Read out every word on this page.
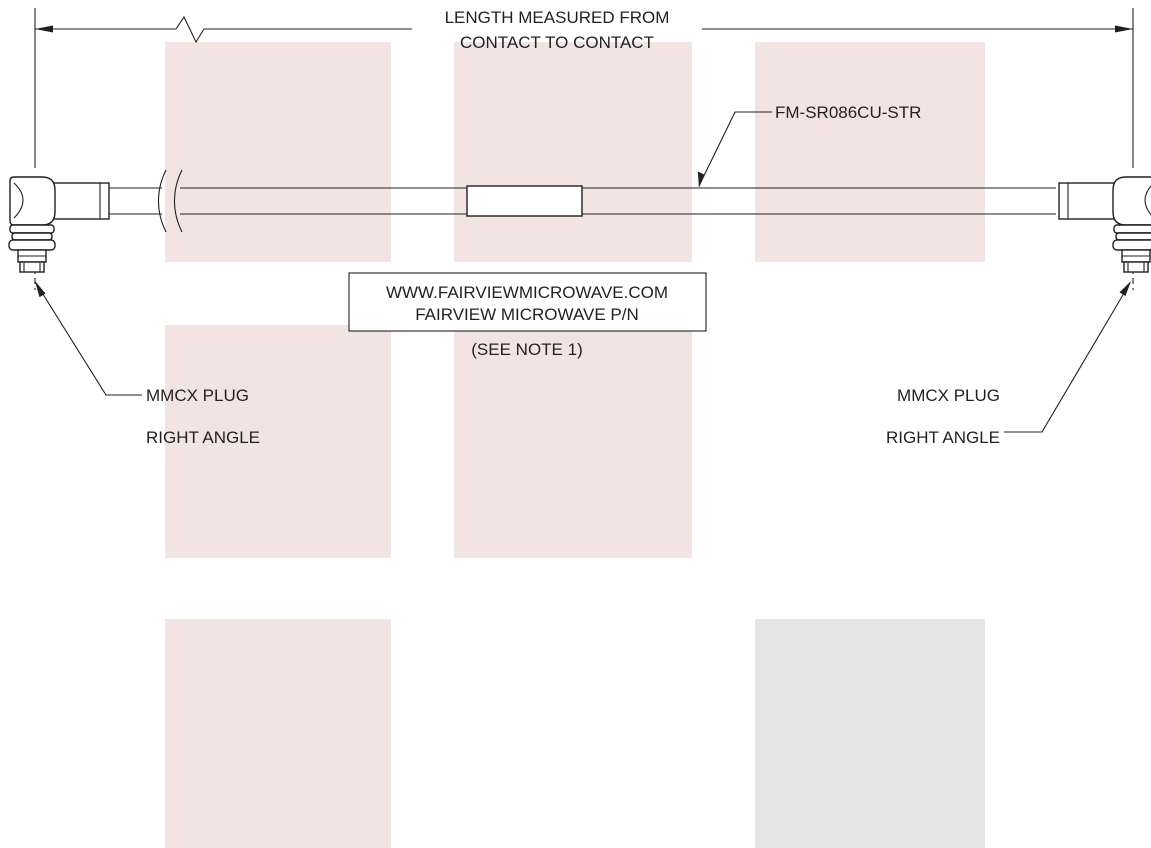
LENGTH MEASURED FROM
CONTACT TO CONTACT
FM-SR086CU-STR
WWW.FAIRVIEWMICROWAVE.COM
FAIRVIEW MICROWAVE P/N
(SEE NOTE 1)
MMCX PLUG
RIGHT ANGLE
MMCX PLUG
RIGHT ANGLE
